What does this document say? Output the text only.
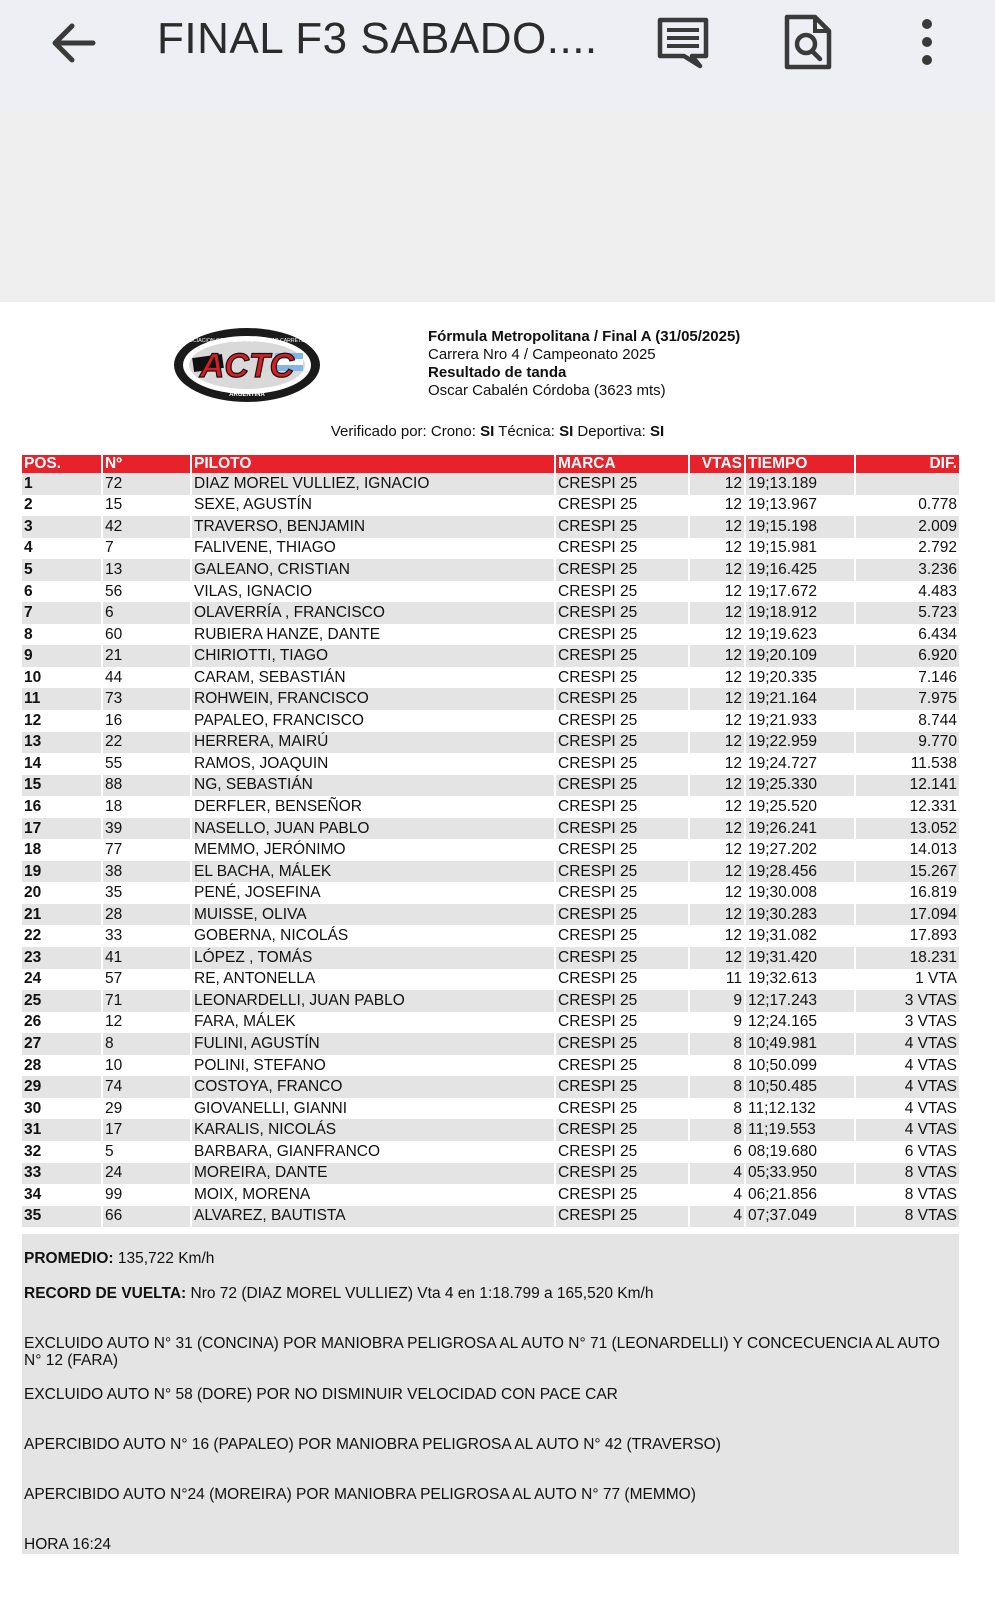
FINAL F3 SABADO....
ACTC
ASOCIACION CORREDORES TURISMO CARRETERA
ARGENTINA
Fórmula Metropolitana / Final A (31/05/2025)
Carrera Nro 4 / Campeonato 2025
Resultado de tanda
Oscar Cabalén Córdoba (3623 mts)
Verificado por: Crono: SI Técnica: SI Deportiva: SI
POS.	Nº	PILOTO	MARCA	VTAS	TIEMPO	DIF.
1	72	DIAZ MOREL VULLIEZ, IGNACIO	CRESPI 25	12	19;13.189	
2	15	SEXE, AGUSTÍN	CRESPI 25	12	19;13.967	0.778
3	42	TRAVERSO, BENJAMIN	CRESPI 25	12	19;15.198	2.009
4	7	FALIVENE, THIAGO	CRESPI 25	12	19;15.981	2.792
5	13	GALEANO, CRISTIAN	CRESPI 25	12	19;16.425	3.236
6	56	VILAS, IGNACIO	CRESPI 25	12	19;17.672	4.483
7	6	OLAVERRÍA , FRANCISCO	CRESPI 25	12	19;18.912	5.723
8	60	RUBIERA HANZE, DANTE	CRESPI 25	12	19;19.623	6.434
9	21	CHIRIOTTI, TIAGO	CRESPI 25	12	19;20.109	6.920
10	44	CARAM, SEBASTIÁN	CRESPI 25	12	19;20.335	7.146
11	73	ROHWEIN, FRANCISCO	CRESPI 25	12	19;21.164	7.975
12	16	PAPALEO, FRANCISCO	CRESPI 25	12	19;21.933	8.744
13	22	HERRERA, MAIRÚ	CRESPI 25	12	19;22.959	9.770
14	55	RAMOS, JOAQUIN	CRESPI 25	12	19;24.727	11.538
15	88	NG, SEBASTIÁN	CRESPI 25	12	19;25.330	12.141
16	18	DERFLER, BENSEÑOR	CRESPI 25	12	19;25.520	12.331
17	39	NASELLO, JUAN PABLO	CRESPI 25	12	19;26.241	13.052
18	77	MEMMO, JERÓNIMO	CRESPI 25	12	19;27.202	14.013
19	38	EL BACHA, MÁLEK	CRESPI 25	12	19;28.456	15.267
20	35	PENÉ, JOSEFINA	CRESPI 25	12	19;30.008	16.819
21	28	MUISSE, OLIVA	CRESPI 25	12	19;30.283	17.094
22	33	GOBERNA, NICOLÁS	CRESPI 25	12	19;31.082	17.893
23	41	LÓPEZ , TOMÁS	CRESPI 25	12	19;31.420	18.231
24	57	RE, ANTONELLA	CRESPI 25	11	19;32.613	1 VTA
25	71	LEONARDELLI, JUAN PABLO	CRESPI 25	9	12;17.243	3 VTAS
26	12	FARA, MÁLEK	CRESPI 25	9	12;24.165	3 VTAS
27	8	FULINI, AGUSTÍN	CRESPI 25	8	10;49.981	4 VTAS
28	10	POLINI, STEFANO	CRESPI 25	8	10;50.099	4 VTAS
29	74	COSTOYA, FRANCO	CRESPI 25	8	10;50.485	4 VTAS
30	29	GIOVANELLI, GIANNI	CRESPI 25	8	11;12.132	4 VTAS
31	17	KARALIS, NICOLÁS	CRESPI 25	8	11;19.553	4 VTAS
32	5	BARBARA, GIANFRANCO	CRESPI 25	6	08;19.680	6 VTAS
33	24	MOREIRA, DANTE	CRESPI 25	4	05;33.950	8 VTAS
34	99	MOIX, MORENA	CRESPI 25	4	06;21.856	8 VTAS
35	66	ALVAREZ, BAUTISTA	CRESPI 25	4	07;37.049	8 VTAS

PROMEDIO: 135,722 Km/h

RECORD DE VUELTA: Nro 72 (DIAZ MOREL VULLIEZ) Vta 4 en 1:18.799 a 165,520 Km/h

EXCLUIDO AUTO N° 31 (CONCINA) POR MANIOBRA PELIGROSA AL AUTO N° 71 (LEONARDELLI) Y CONCECUENCIA AL AUTO N° 12 (FARA)

EXCLUIDO AUTO N° 58 (DORE) POR NO DISMINUIR VELOCIDAD CON PACE CAR

APERCIBIDO AUTO N° 16 (PAPALEO) POR MANIOBRA PELIGROSA AL AUTO N° 42 (TRAVERSO)

APERCIBIDO AUTO N°24 (MOREIRA) POR MANIOBRA PELIGROSA AL AUTO N° 77 (MEMMO)

HORA 16:24
